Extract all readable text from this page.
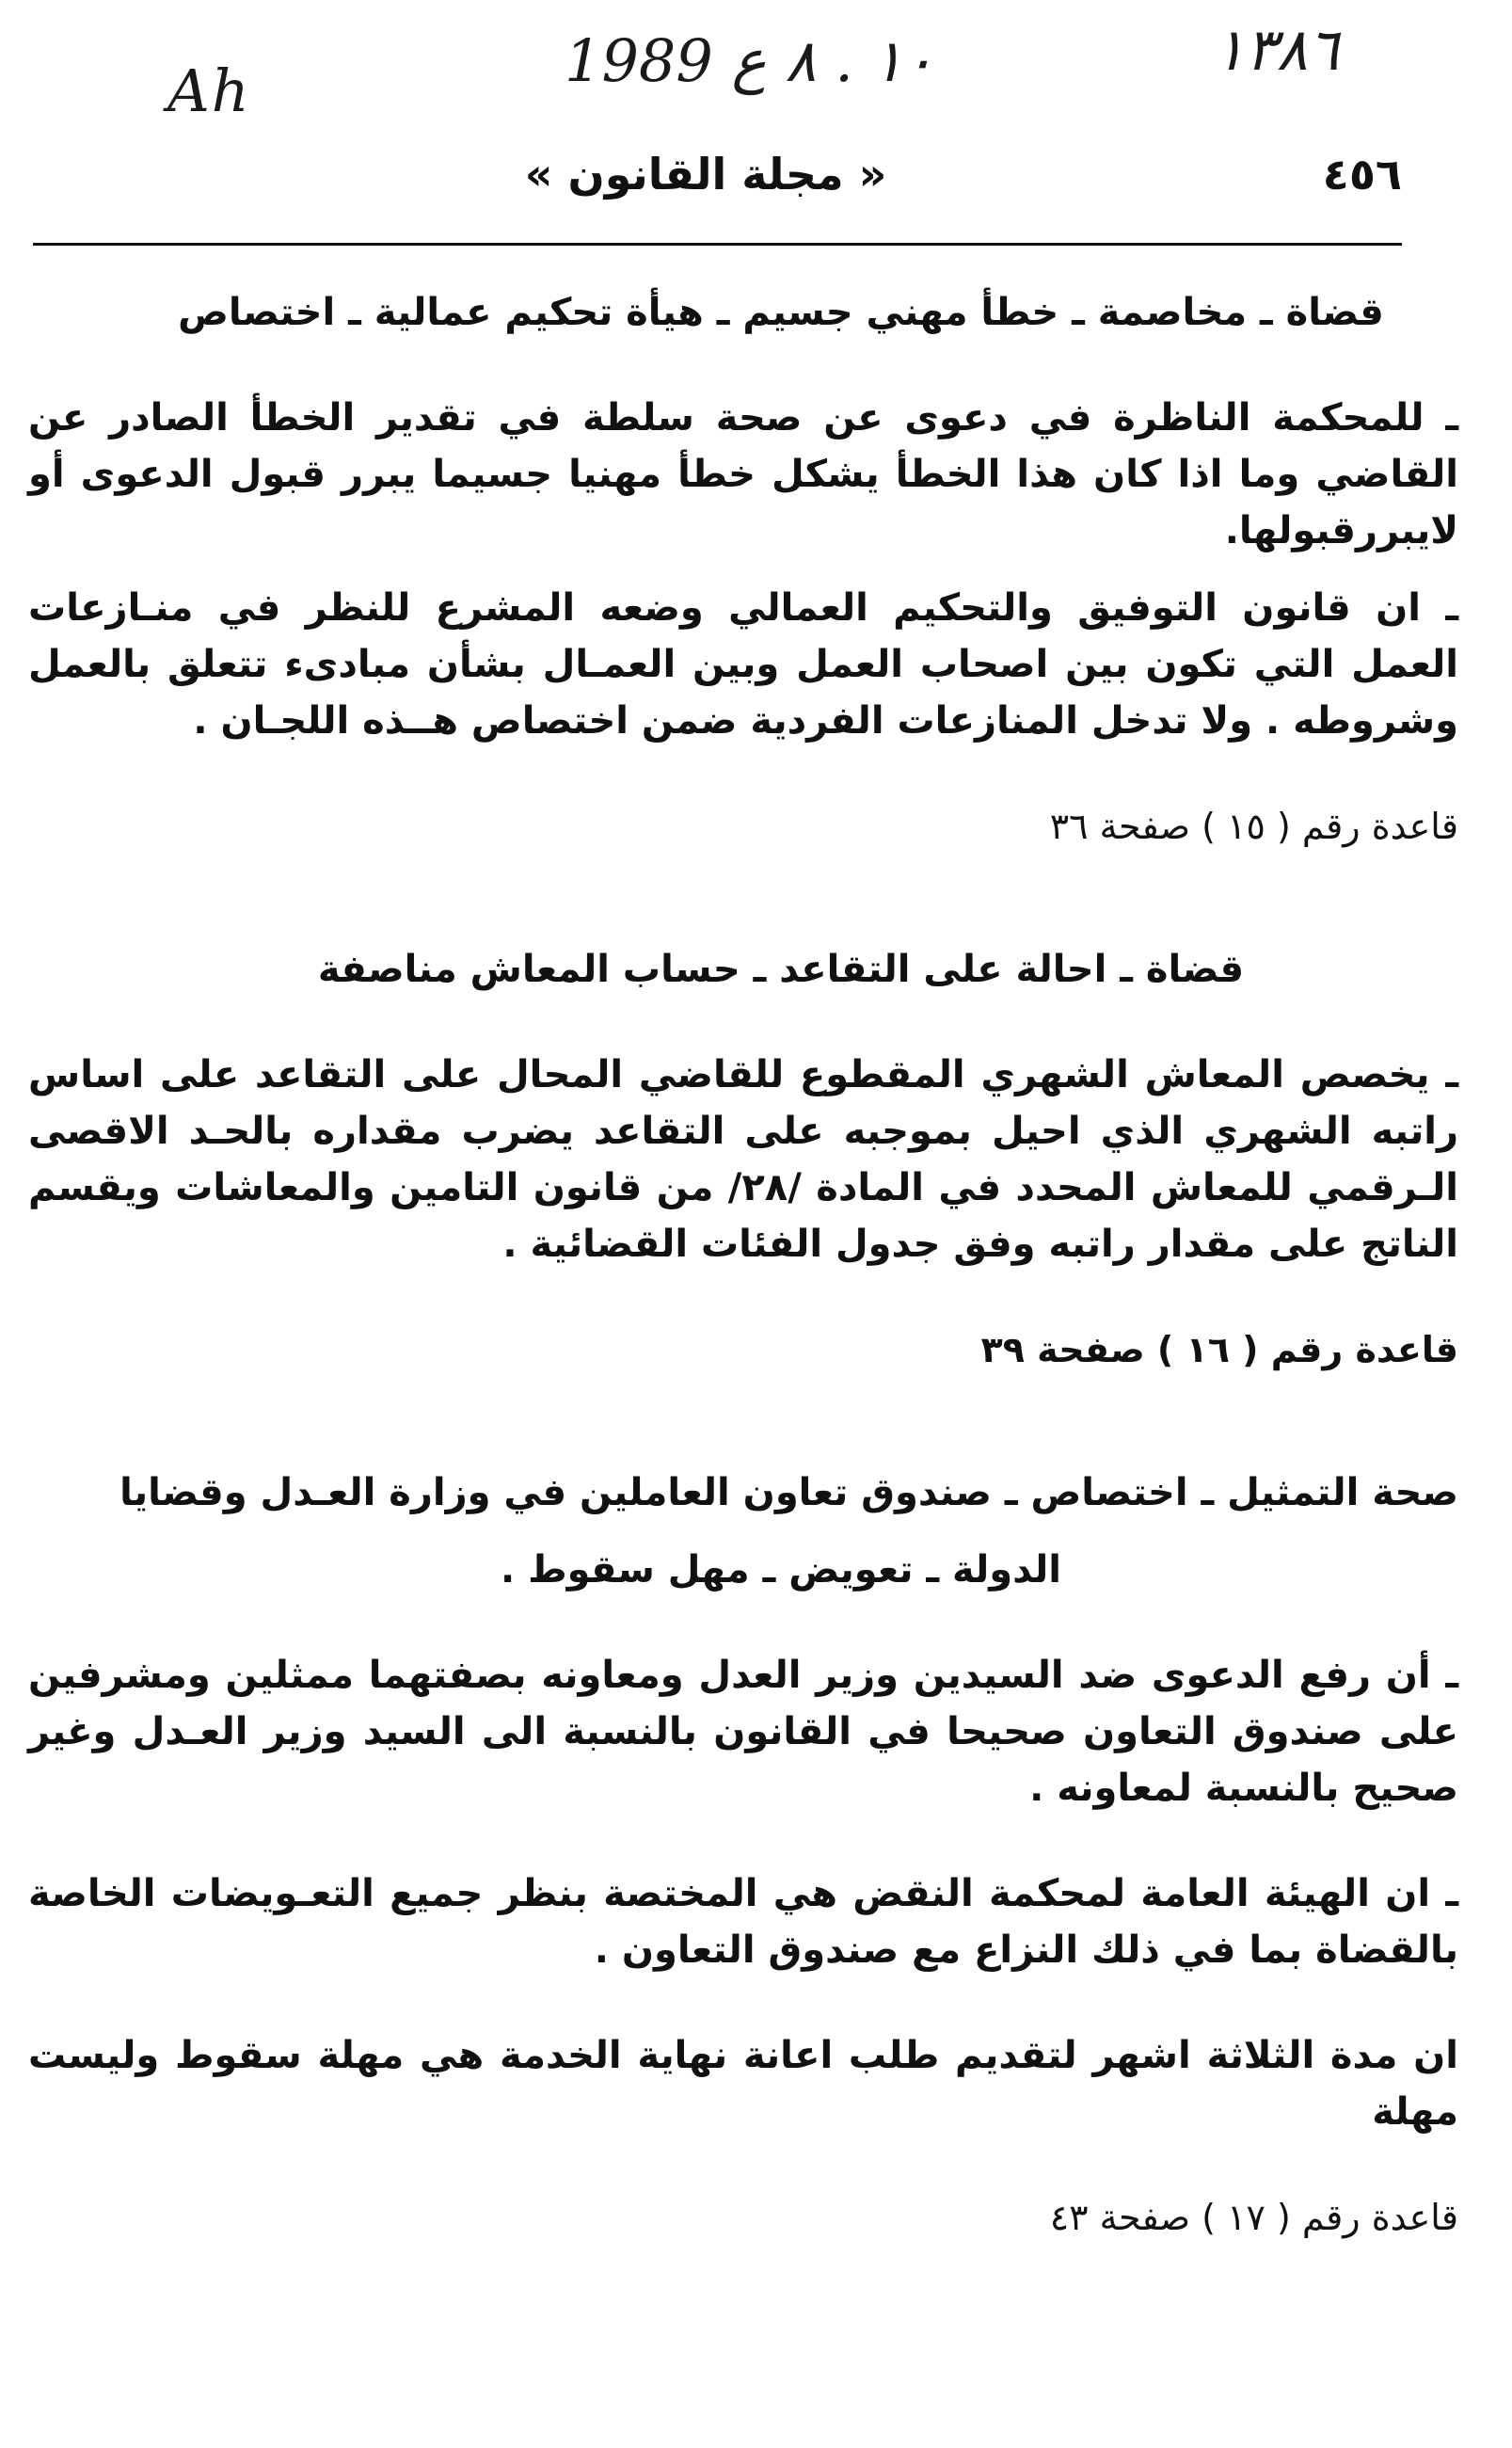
Ah	١٠ . ٨ ع 1989	١٣٨٦
« مجلة القانون »	٤٥٦

قضاة ـ مخاصمة ـ خطأ مهني جسيم ـ هيأة تحكيم عمالية ـ اختصاص

ـ للمحكمة الناظرة في دعوى عن صحة سلطة في تقدير الخطأ الصادر عن القاضي وما اذا كان هذا الخطأ يشكل خطأ مهنيا جسيما يبرر قبول الدعوى أو لايبررقبولها.

ـ ان قانون التوفيق والتحكيم العمالي وضعه المشرع للنظر في منـازعات العمل التي تكون بين اصحاب العمل وبين العمـال بشأن مبادىء تتعلق بالعمل وشروطه . ولا تدخل المنازعات الفردية ضمن اختصاص هــذه اللجـان .

قاعدة رقم ( ١٥ ) صفحة ٣٦

قضاة ـ احالة على التقاعد ـ حساب المعاش مناصفة

ـ يخصص المعاش الشهري المقطوع للقاضي المحال على التقاعد على اساس راتبه الشهري الذي احيل بموجبه على التقاعد يضرب مقداره بالحـد الاقصى الـرقمي للمعاش المحدد في المادة /٢٨/ من قانون التامين والمعاشات ويقسم الناتج على مقدار راتبه وفق جدول الفئات القضائية .

قاعدة رقم ( ١٦ ) صفحة ٣٩

صحة التمثيل ـ اختصاص ـ صندوق تعاون العاملين في وزارة العـدل وقضايا

الدولة ـ تعويض ـ مهل سقوط .

ـ أن رفع الدعوى ضد السيدين وزير العدل ومعاونه بصفتهما ممثلين ومشرفين على صندوق التعاون صحيحا في القانون بالنسبة الى السيد وزير العـدل وغير صحيح بالنسبة لمعاونه .

ـ ان الهيئة العامة لمحكمة النقض هي المختصة بنظر جميع التعـويضات الخاصة بالقضاة بما في ذلك النزاع مع صندوق التعاون .

ان مدة الثلاثة اشهر لتقديم طلب اعانة نهاية الخدمة هي مهلة سقوط وليست مهلة

قاعدة رقم ( ١٧ ) صفحة ٤٣
